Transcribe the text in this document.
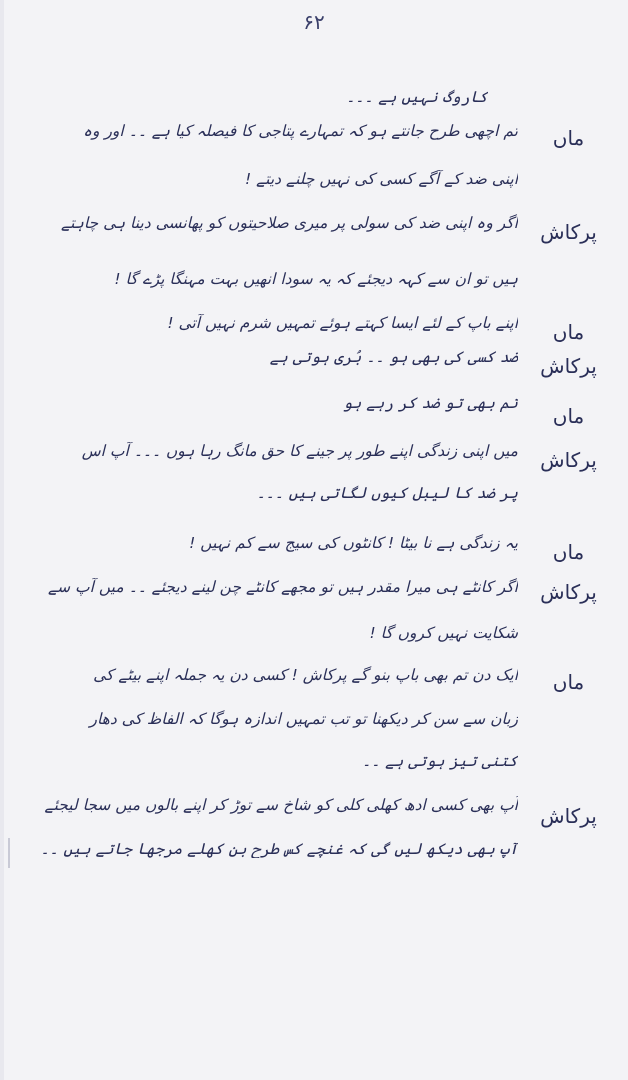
۶۲
کاروگ نہیں ہے ۔۔۔
ماں
تم اچھی طرح جانتے ہو کہ تمہارے پتاجی کا فیصلہ کیا ہے ۔۔ اور وہ
اپنی ضد کے آگے کسی کی نہیں چلنے دیتے !
پرکاش
اگر وہ اپنی ضد کی سولی پر میری صلاحیتوں کو پھانسی دینا ہی چاہتے
ہیں تو ان سے کہہ دیجئے کہ یہ سودا انھیں بہت مہنگا پڑے گا !
ماں
اپنے باپ کے لئے ایسا کہتے ہوئے تمہیں شرم نہیں آتی !
پرکاش
ضد کسی کی بھی ہو ۔۔ بُری ہوتی ہے
ماں
تم بھی تو ضد کر رہے ہو
پرکاش
میں اپنی زندگی اپنے طور پر جینے کا حق مانگ رہا ہوں ۔۔۔ آپ اس
پر ضد کا لیبل کیوں لگاتی ہیں ۔۔۔
ماں
یہ زندگی ہے نا بیٹا ! کانٹوں کی سیج سے کم نہیں !
پرکاش
اگر کانٹے ہی میرا مقدر ہیں تو مجھے کانٹے چن لینے دیجئے ۔۔ میں آپ سے
شکایت نہیں کروں گا !
ماں
ایک دن تم بھی باپ بنو گے پرکاش ! کسی دن یہ جملہ اپنے بیٹے کی
زبان سے سن کر دیکھنا تو تب تمہیں اندازہ ہوگا کہ الفاظ کی دھار
کتنی تیز ہوتی ہے ۔۔
پرکاش
آپ بھی کسی ادھ کھلی کلی کو شاخ سے توڑ کر اپنے بالوں میں سجا لیجئے
آپ بھی دیکھ لیں گی کہ غنچے کس طرح بن کھلے مرجھا جاتے ہیں ۔۔
